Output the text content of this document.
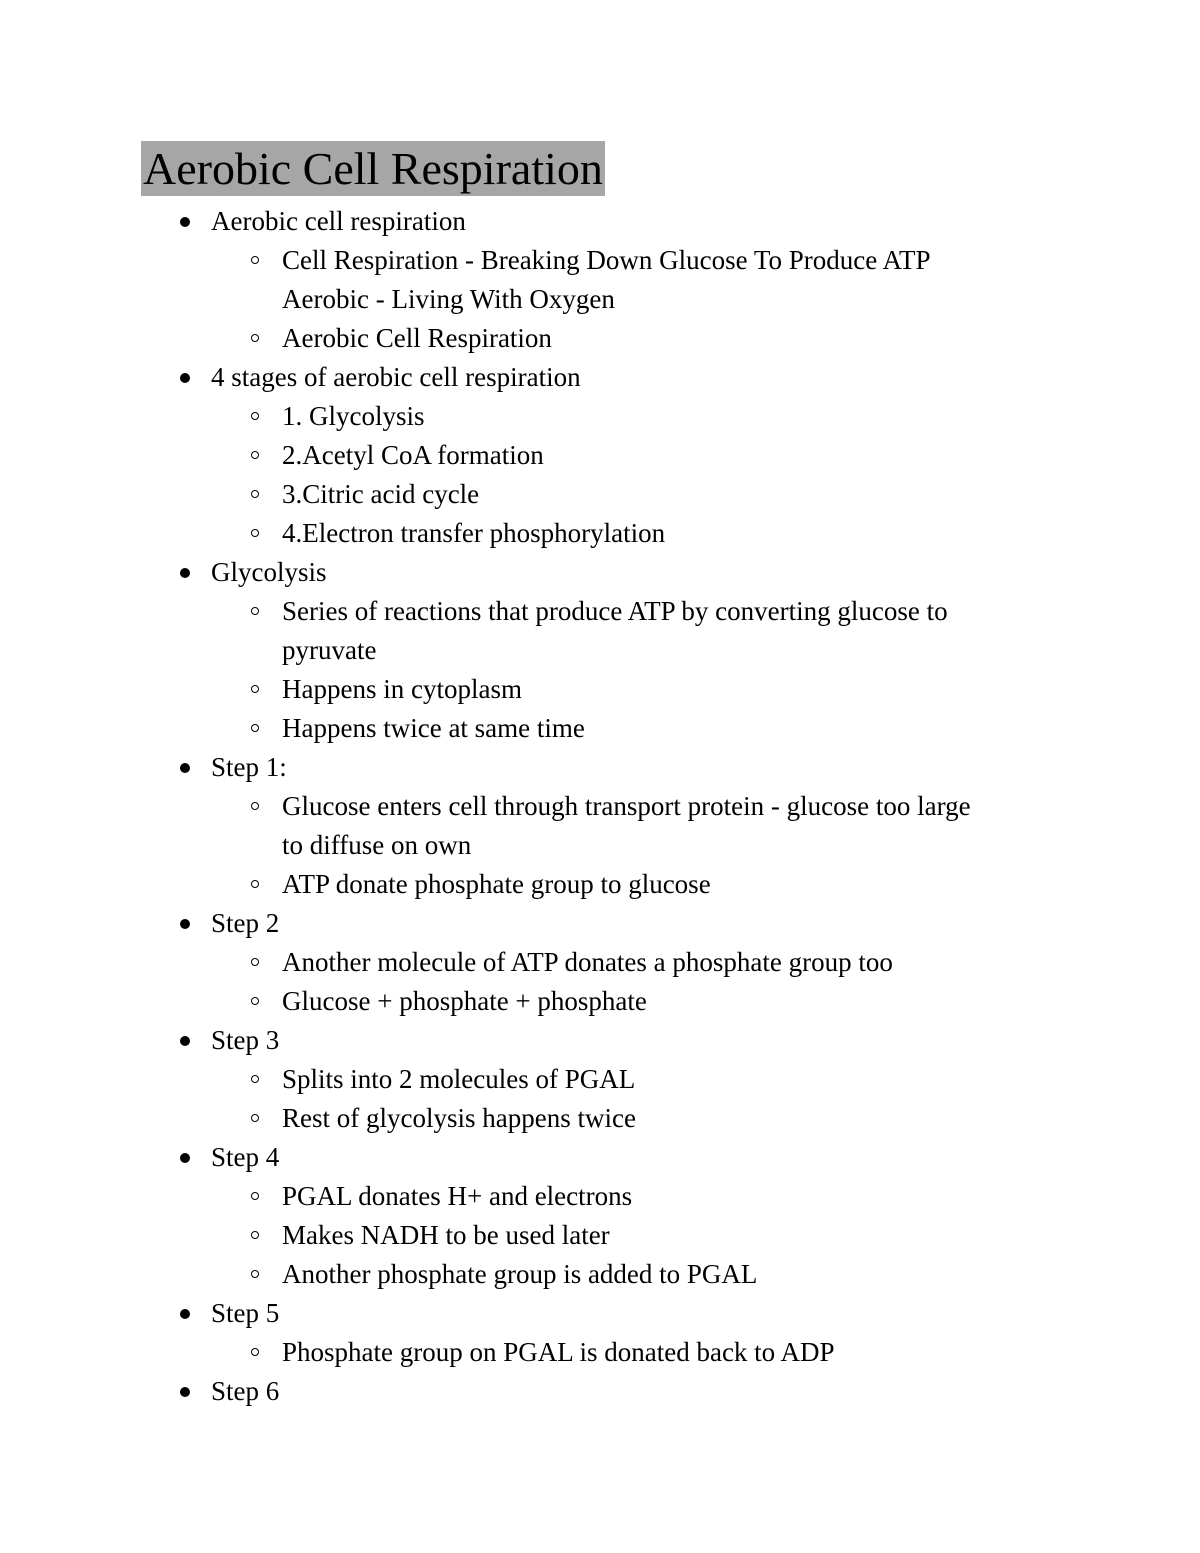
Aerobic Cell Respiration
Aerobic cell respiration
Cell Respiration - Breaking Down Glucose To Produce ATP
Aerobic - Living With Oxygen
Aerobic Cell Respiration
4 stages of aerobic cell respiration
1. Glycolysis
2.Acetyl CoA formation
3.Citric acid cycle
4.Electron transfer phosphorylation
Glycolysis
Series of reactions that produce ATP by converting glucose to
pyruvate
Happens in cytoplasm
Happens twice at same time
Step 1:
Glucose enters cell through transport protein - glucose too large
to diffuse on own
ATP donate phosphate group to glucose
Step 2
Another molecule of ATP donates a phosphate group too
Glucose + phosphate + phosphate
Step 3
Splits into 2 molecules of PGAL
Rest of glycolysis happens twice
Step 4
PGAL donates H+ and electrons
Makes NADH to be used later
Another phosphate group is added to PGAL
Step 5
Phosphate group on PGAL is donated back to ADP
Step 6
